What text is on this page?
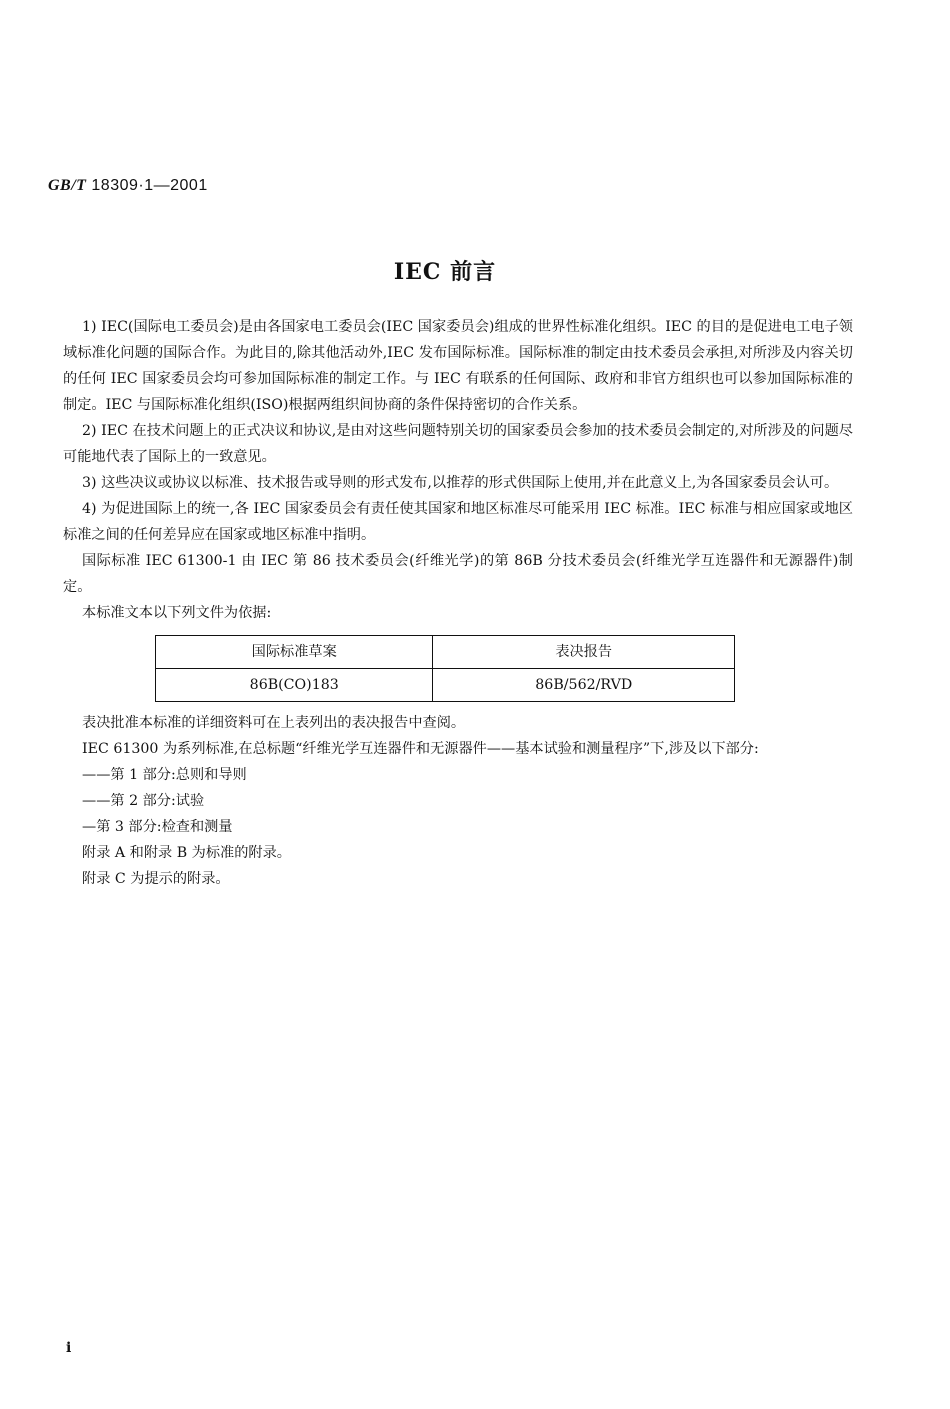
GB/T 18309·1—2001
IEC 前言

1) IEC(国际电工委员会)是由各国家电工委员会(IEC 国家委员会)组成的世界性标准化组织。IEC 的目的是促进电工电子领域标准化问题的国际合作。为此目的,除其他活动外,IEC 发布国际标准。国际标准的制定由技术委员会承担,对所涉及内容关切的任何 IEC 国家委员会均可参加国际标准的制定工作。与 IEC 有联系的任何国际、政府和非官方组织也可以参加国际标准的制定。IEC 与国际标准化组织(ISO)根据两组织间协商的条件保持密切的合作关系。

2) IEC 在技术问题上的正式决议和协议,是由对这些问题特别关切的国家委员会参加的技术委员会制定的,对所涉及的问题尽可能地代表了国际上的一致意见。

3) 这些决议或协议以标准、技术报告或导则的形式发布,以推荐的形式供国际上使用,并在此意义上,为各国家委员会认可。

4) 为促进国际上的统一,各 IEC 国家委员会有责任使其国家和地区标准尽可能采用 IEC 标准。IEC 标准与相应国家或地区标准之间的任何差异应在国家或地区标准中指明。

国际标准 IEC 61300-1 由 IEC 第 86 技术委员会(纤维光学)的第 86B 分技术委员会(纤维光学互连器件和无源器件)制定。

本标准文本以下列文件为依据:

国际标准草案	表决报告
86B(CO)183	86B/562/RVD

表决批准本标准的详细资料可在上表列出的表决报告中查阅。

IEC 61300 为系列标准,在总标题“纤维光学互连器件和无源器件——基本试验和测量程序”下,涉及以下部分:

——第 1 部分:总则和导则
——第 2 部分:试验
—第 3 部分:检查和测量

附录 A 和附录 B 为标准的附录。

附录 C 为提示的附录。

i
